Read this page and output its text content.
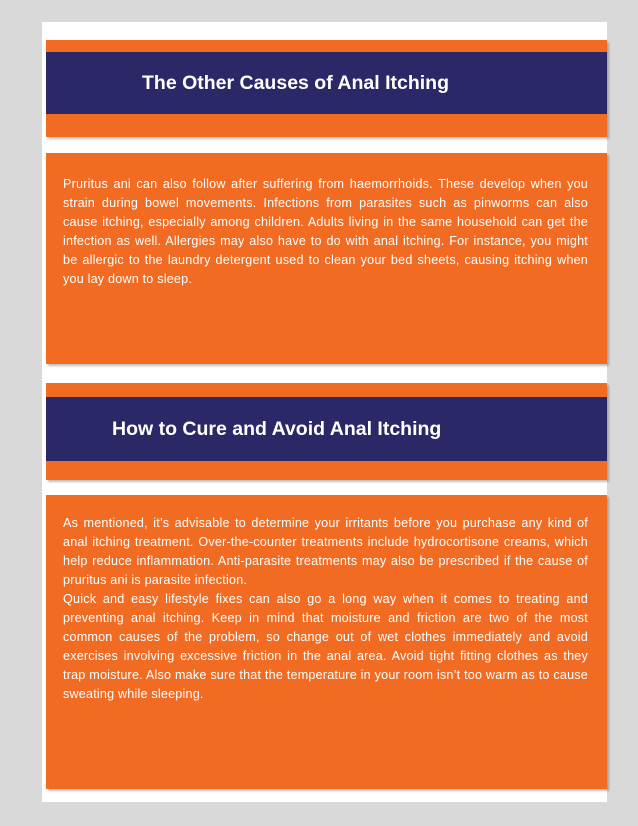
The Other Causes of Anal Itching

Pruritus ani can also follow after suffering from haemorrhoids. These develop when you strain during bowel movements. Infections from parasites such as pinworms can also cause itching, especially among children. Adults living in the same household can get the infection as well. Allergies may also have to do with anal itching. For instance, you might be allergic to the laundry detergent used to clean your bed sheets, causing itching when you lay down to sleep.

How to Cure and Avoid Anal Itching

As mentioned, it’s advisable to determine your irritants before you purchase any kind of anal itching treatment. Over-the-counter treatments include hydrocortisone creams, which help reduce inflammation. Anti-parasite treatments may also be prescribed if the cause of pruritus ani is parasite infection.

Quick and easy lifestyle fixes can also go a long way when it comes to treating and preventing anal itching. Keep in mind that moisture and friction are two of the most common causes of the problem, so change out of wet clothes immediately and avoid exercises involving excessive friction in the anal area. Avoid tight fitting clothes as they trap moisture. Also make sure that the temperature in your room isn’t too warm as to cause sweating while sleeping.
